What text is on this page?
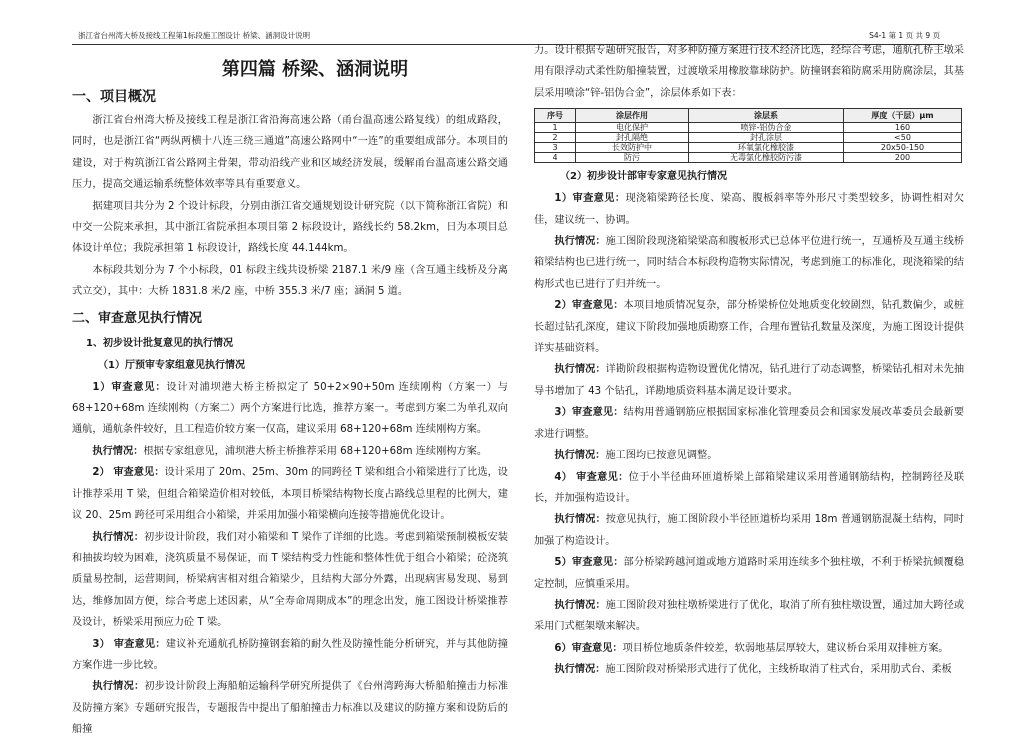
浙江省台州湾大桥及接线工程第1标段施工图设计 桥梁、涵洞设计说明	S4-1 第 1 页 共 9 页
第四篇 桥梁、涵洞说明
一、项目概况

浙江省台州湾大桥及接线工程是浙江省沿海高速公路（甬台温高速公路复线）的组成路段，同时，也是浙江省“两纵两横十八连三绕三通道”高速公路网中“一连”的重要组成部分。本项目的建设，对于构筑浙江省公路网主骨架，带动沿线产业和区域经济发展，缓解甬台温高速公路交通压力，提高交通运输系统整体效率等具有重要意义。

据建项目共分为 2 个设计标段，分别由浙江省交通规划设计研究院（以下简称浙江省院）和中交一公院来承担，其中浙江省院承担本项目第 2 标段设计，路线长约 58.2km，日为本项目总体设计单位；我院承担第 1 标段设计，路线长度 44.144km。

本标段共划分为 7 个小标段，01 标段主线共设桥梁 2187.1 米/9 座（含互通主线桥及分离式立交），其中：大桥 1831.8 米/2 座，中桥 355.3 米/7 座；涵洞 5 道。

二、审查意见执行情况
1、初步设计批复意见的执行情况
（1）厅预审专家组意见执行情况

1）审查意见：设计对浦坝港大桥主桥拟定了 50+2×90+50m 连续刚构（方案一）与 68+120+68m 连续刚构（方案二）两个方案进行比选，推荐方案一。考虑到方案二为单孔双向通航，通航条件较好，且工程造价较方案一仅高，建议采用 68+120+68m 连续刚构方案。

执行情况：根据专家组意见，浦坝港大桥主桥推荐采用 68+120+68m 连续刚构方案。

2） 审查意见：设计采用了 20m、25m、30m 的同跨径 T 梁和组合小箱梁进行了比选，设计推荐采用 T 梁，但组合箱梁造价相对较低，本项目桥梁结构物长度占路线总里程的比例大，建议 20、25m 跨径可采用组合小箱梁，并采用加强小箱梁横向连接等措施优化设计。

执行情况：初步设计阶段，我们对小箱梁和 T 梁作了详细的比选。考虑到箱梁预制模板安装和抽拔均较为困难，浇筑质量不易保证，而 T 梁结构受力性能和整体性优于组合小箱梁；砼浇筑质量易控制，运营期间，桥梁病害相对组合箱梁少，且结构大部分外露，出现病害易发现、易到达，维修加固方便，综合考虑上述因素，从“全寿命周期成本”的理念出发，施工图设计桥梁推荐及设计，桥梁采用预应力砼 T 梁。

3） 审查意见：建议补充通航孔桥防撞钢套箱的耐久性及防撞性能分析研究，并与其他防撞方案作进一步比较。

执行情况：初步设计阶段上海船舶运输科学研究所提供了《台州湾跨海大桥船舶撞击力标准及防撞方案》专题研究报告，专题报告中提出了船舶撞击力标准以及建议的防撞方案和设防后的船撞

力。设计根据专题研究报告，对多种防撞方案进行技术经济比选，经综合考虑，通航孔桥主墩采用有限浮动式柔性防船撞装置，过渡墩采用橡胶靠球防护。防撞钢套箱防腐采用防腐涂层，其基层采用喷涂“锌-铝伪合金”，涂层体系如下表：

序号	涂层作用	涂层系	厚度（干层）μm
1	电化保护	喷锌-铝伪合金	160
2	封孔隔绝	封孔涂层	<50
3	长效防护中	环氧氯化橡胶漆	20x50-150
4	防污	无毒氯化橡胶防污漆	200
（2）初步设计部审专家意见执行情况

1）审查意见：现浇箱梁跨径长度、梁高、腹板斜率等外形尺寸类型较多，协调性相对欠佳，建议统一、协调。

执行情况：施工图阶段现浇箱梁梁高和腹板形式已总体平位进行统一，互通桥及互通主线桥箱梁结构也已进行统一，同时结合本标段构造物实际情况，考虑到施工的标准化，现浇箱梁的结构形式也已进行了归并统一。

2）审查意见：本项目地质情况复杂，部分桥梁桥位处地质变化较剧烈，钻孔数偏少，或桩长超过钻孔深度，建议下阶段加强地质勘察工作，合理布置钻孔数量及深度，为施工图设计提供详实基础资料。

执行情况：详勘阶段根据构造物设置优化情况，钻孔进行了动态调整，桥梁钻孔相对未先抽导书增加了 43 个钻孔，详勘地质资料基本满足设计要求。

3）审查意见：结构用普通钢筋应根据国家标准化管理委员会和国家发展改革委员会最新要求进行调整。

执行情况：施工图均已按意见调整。

4） 审查意见：位于小半径曲环匝道桥梁上部箱梁建议采用普通钢筋结构，控制跨径及联长，并加强构造设计。

执行情况：按意见执行，施工图阶段小半径匝道桥均采用 18m 普通钢筋混凝土结构，同时加强了构造设计。

5）审查意见：部分桥梁跨越河道或地方道路时采用连续多个独柱墩，不利于桥梁抗倾覆稳定控制，应慎重采用。

执行情况：施工图阶段对独柱墩桥梁进行了优化，取消了所有独柱墩设置，通过加大跨径或采用门式框架墩来解决。

6）审查意见：项目桥位地质条件较差，软弱地基层厚较大，建议桥台采用双排桩方案。

执行情况：施工图阶段对桥梁形式进行了优化，主线桥取消了柱式台，采用肋式台、柔板
